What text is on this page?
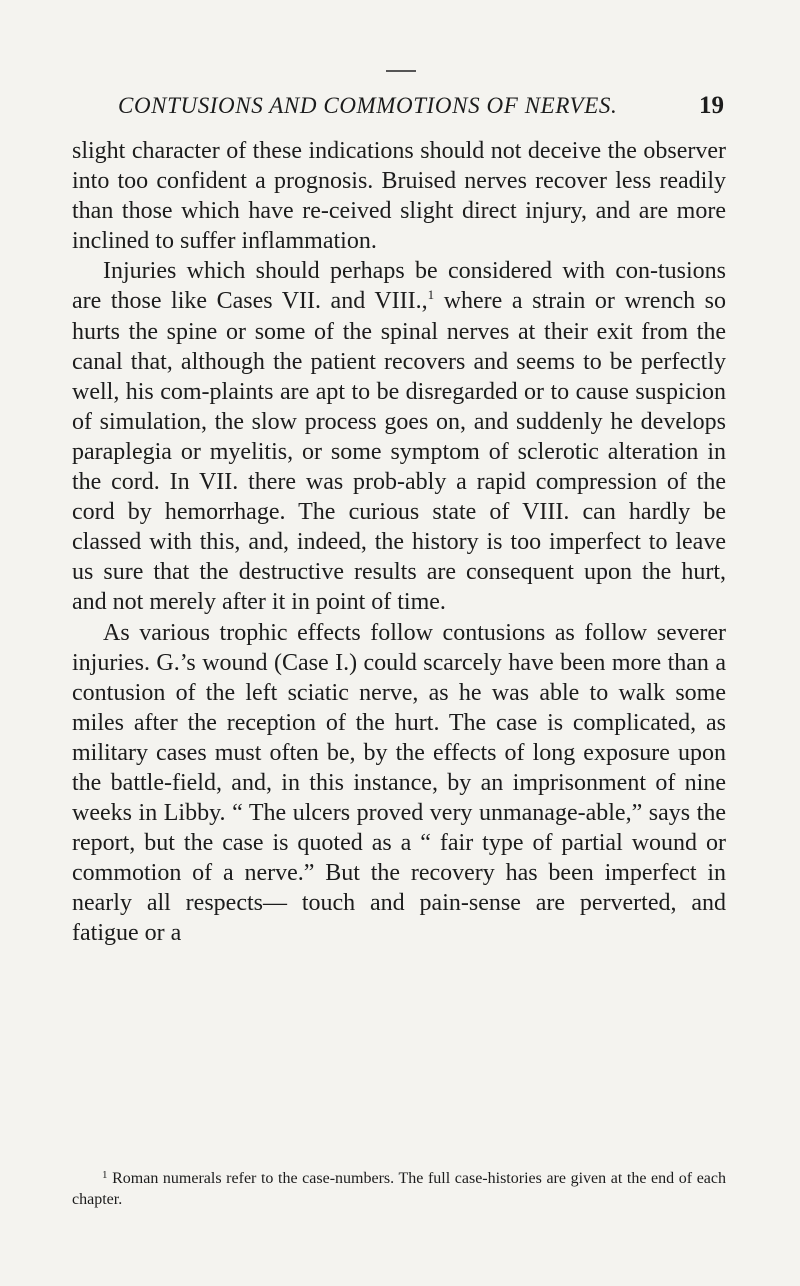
CONTUSIONS AND COMMOTIONS OF NERVES.	19

slight character of these indications should not deceive the observer into too confident a prognosis. Bruised nerves recover less readily than those which have re-ceived slight direct injury, and are more inclined to suffer inflammation.

Injuries which should perhaps be considered with con-tusions are those like Cases VII. and VIII.,$^1$ where a strain or wrench so hurts the spine or some of the spinal nerves at their exit from the canal that, although the patient recovers and seems to be perfectly well, his com-plaints are apt to be disregarded or to cause suspicion of simulation, the slow process goes on, and suddenly he develops paraplegia or myelitis, or some symptom of sclerotic alteration in the cord. In VII. there was prob-ably a rapid compression of the cord by hemorrhage. The curious state of VIII. can hardly be classed with this, and, indeed, the history is too imperfect to leave us sure that the destructive results are consequent upon the hurt, and not merely after it in point of time.

As various trophic effects follow contusions as follow severer injuries. G.’s wound (Case I.) could scarcely have been more than a contusion of the left sciatic nerve, as he was able to walk some miles after the reception of the hurt. The case is complicated, as military cases must often be, by the effects of long exposure upon the battle-field, and, in this instance, by an imprisonment of nine weeks in Libby. “ The ulcers proved very unmanage-able,” says the report, but the case is quoted as a “ fair type of partial wound or commotion of a nerve.” But the recovery has been imperfect in nearly all respects— touch and pain-sense are perverted, and fatigue or a

$^1$ Roman numerals refer to the case-numbers. The full case-histories are given at the end of each chapter.
